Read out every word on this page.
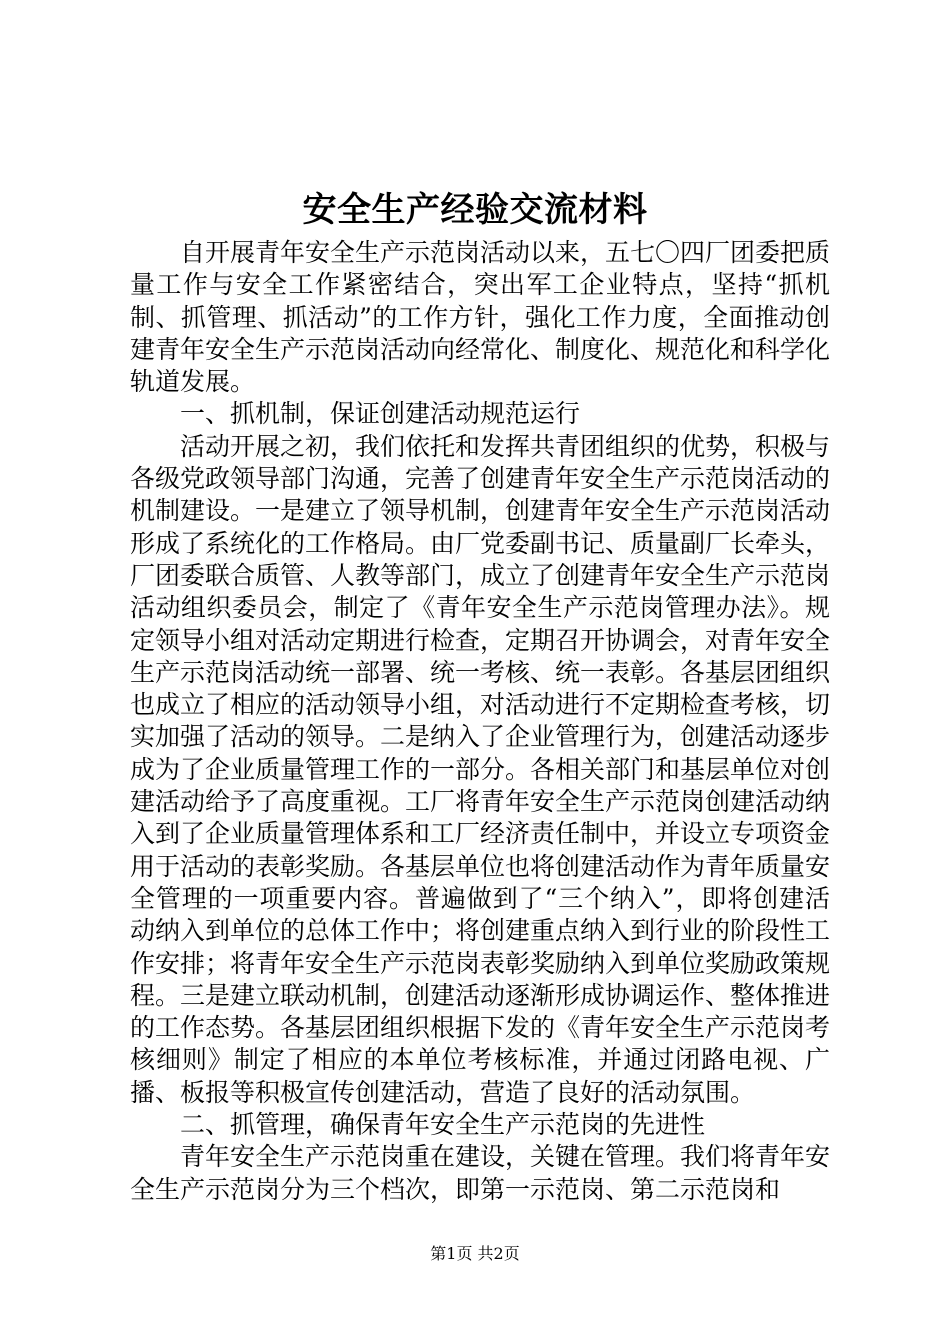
安全生产经验交流材料

自开展青年安全生产示范岗活动以来，五七〇四厂团委把质量工作与安全工作紧密结合，突出军工企业特点，坚持“抓机制、抓管理、抓活动”的工作方针，强化工作力度，全面推动创建青年安全生产示范岗活动向经常化、制度化、规范化和科学化轨道发展。

一、抓机制，保证创建活动规范运行

活动开展之初，我们依托和发挥共青团组织的优势，积极与各级党政领导部门沟通，完善了创建青年安全生产示范岗活动的机制建设。一是建立了领导机制，创建青年安全生产示范岗活动形成了系统化的工作格局。由厂党委副书记、质量副厂长牵头，厂团委联合质管、人教等部门，成立了创建青年安全生产示范岗活动组织委员会，制定了《青年安全生产示范岗管理办法》。规定领导小组对活动定期进行检查，定期召开协调会，对青年安全生产示范岗活动统一部署、统一考核、统一表彰。各基层团组织也成立了相应的活动领导小组，对活动进行不定期检查考核，切实加强了活动的领导。二是纳入了企业管理行为，创建活动逐步成为了企业质量管理工作的一部分。各相关部门和基层单位对创建活动给予了高度重视。工厂将青年安全生产示范岗创建活动纳入到了企业质量管理体系和工厂经济责任制中，并设立专项资金用于活动的表彰奖励。各基层单位也将创建活动作为青年质量安全管理的一项重要内容。普遍做到了“三个纳入”，即将创建活动纳入到单位的总体工作中；将创建重点纳入到行业的阶段性工作安排；将青年安全生产示范岗表彰奖励纳入到单位奖励政策规程。三是建立联动机制，创建活动逐渐形成协调运作、整体推进的工作态势。各基层团组织根据下发的《青年安全生产示范岗考核细则》制定了相应的本单位考核标准，并通过闭路电视、广播、板报等积极宣传创建活动，营造了良好的活动氛围。

二、抓管理，确保青年安全生产示范岗的先进性

青年安全生产示范岗重在建设，关键在管理。我们将青年安全生产示范岗分为三个档次，即第一示范岗、第二示范岗和

第1页 共2页
